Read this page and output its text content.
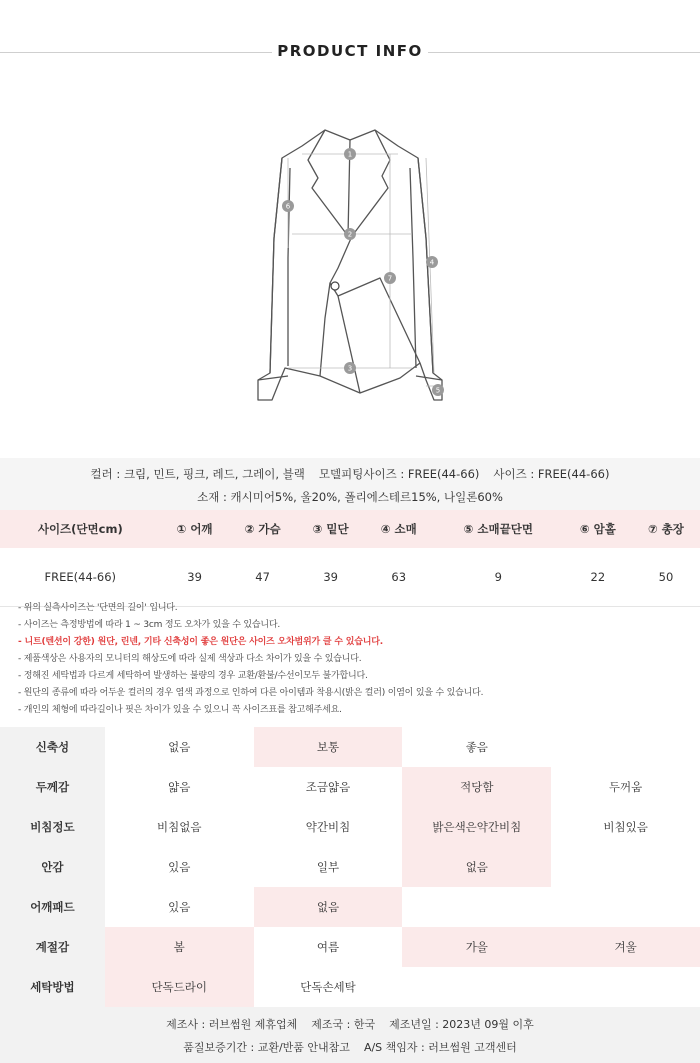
PRODUCT INFO
1
2
3
4
5
6
7
컬러 : 크림, 민트, 핑크, 레드, 그레이, 블랙 모델피팅사이즈 : FREE(44-66) 사이즈 : FREE(44-66)
소재 : 캐시미어5%, 울20%, 폴리에스테르15%, 나일론60%
사이즈(단면cm)	① 어깨	② 가슴	③ 밑단	④ 소매	⑤ 소매끝단면	⑥ 암홀	⑦ 총장
FREE(44-66)	39	47	39	63	9	22	50
- 위의 실측사이즈는 '단면의 길이' 입니다.
- 사이즈는 측정방법에 따라 1 ~ 3cm 정도 오차가 있을 수 있습니다.
- 니트(텐션이 강한) 원단, 린넨, 기타 신축성이 좋은 원단은 사이즈 오차범위가 클 수 있습니다.
- 제품색상은 사용자의 모니터의 해상도에 따라 실제 색상과 다소 차이가 있을 수 있습니다.
- 정해진 세탁법과 다르게 세탁하여 발생하는 불량의 경우 교환/환불/수선이모두 불가합니다.
- 원단의 종류에 따라 어두운 컬러의 경우 염색 과정으로 인하여 다른 아이템과 착용시(밝은 컬러) 이염이 있을 수 있습니다.
- 개인의 체형에 따라길이나 핏은 차이가 있을 수 있으니 꼭 사이즈표를 참고해주세요.
신축성	없음	보통	좋음	
두께감	얇음	조금얇음	적당함	두꺼움
비침정도	비침없음	약간비침	밝은색은약간비침	비침있음
안감	있음	일부	없음	
어깨패드	있음	없음		
계절감	봄	여름	가을	겨울
세탁방법	단독드라이	단독손세탁		
제조사 : 러브썸원 제휴업체 제조국 : 한국 제조년일 : 2023년 09월 이후
품질보증기간 : 교환/반품 안내참고 A/S 책임자 : 러브썸원 고객센터
